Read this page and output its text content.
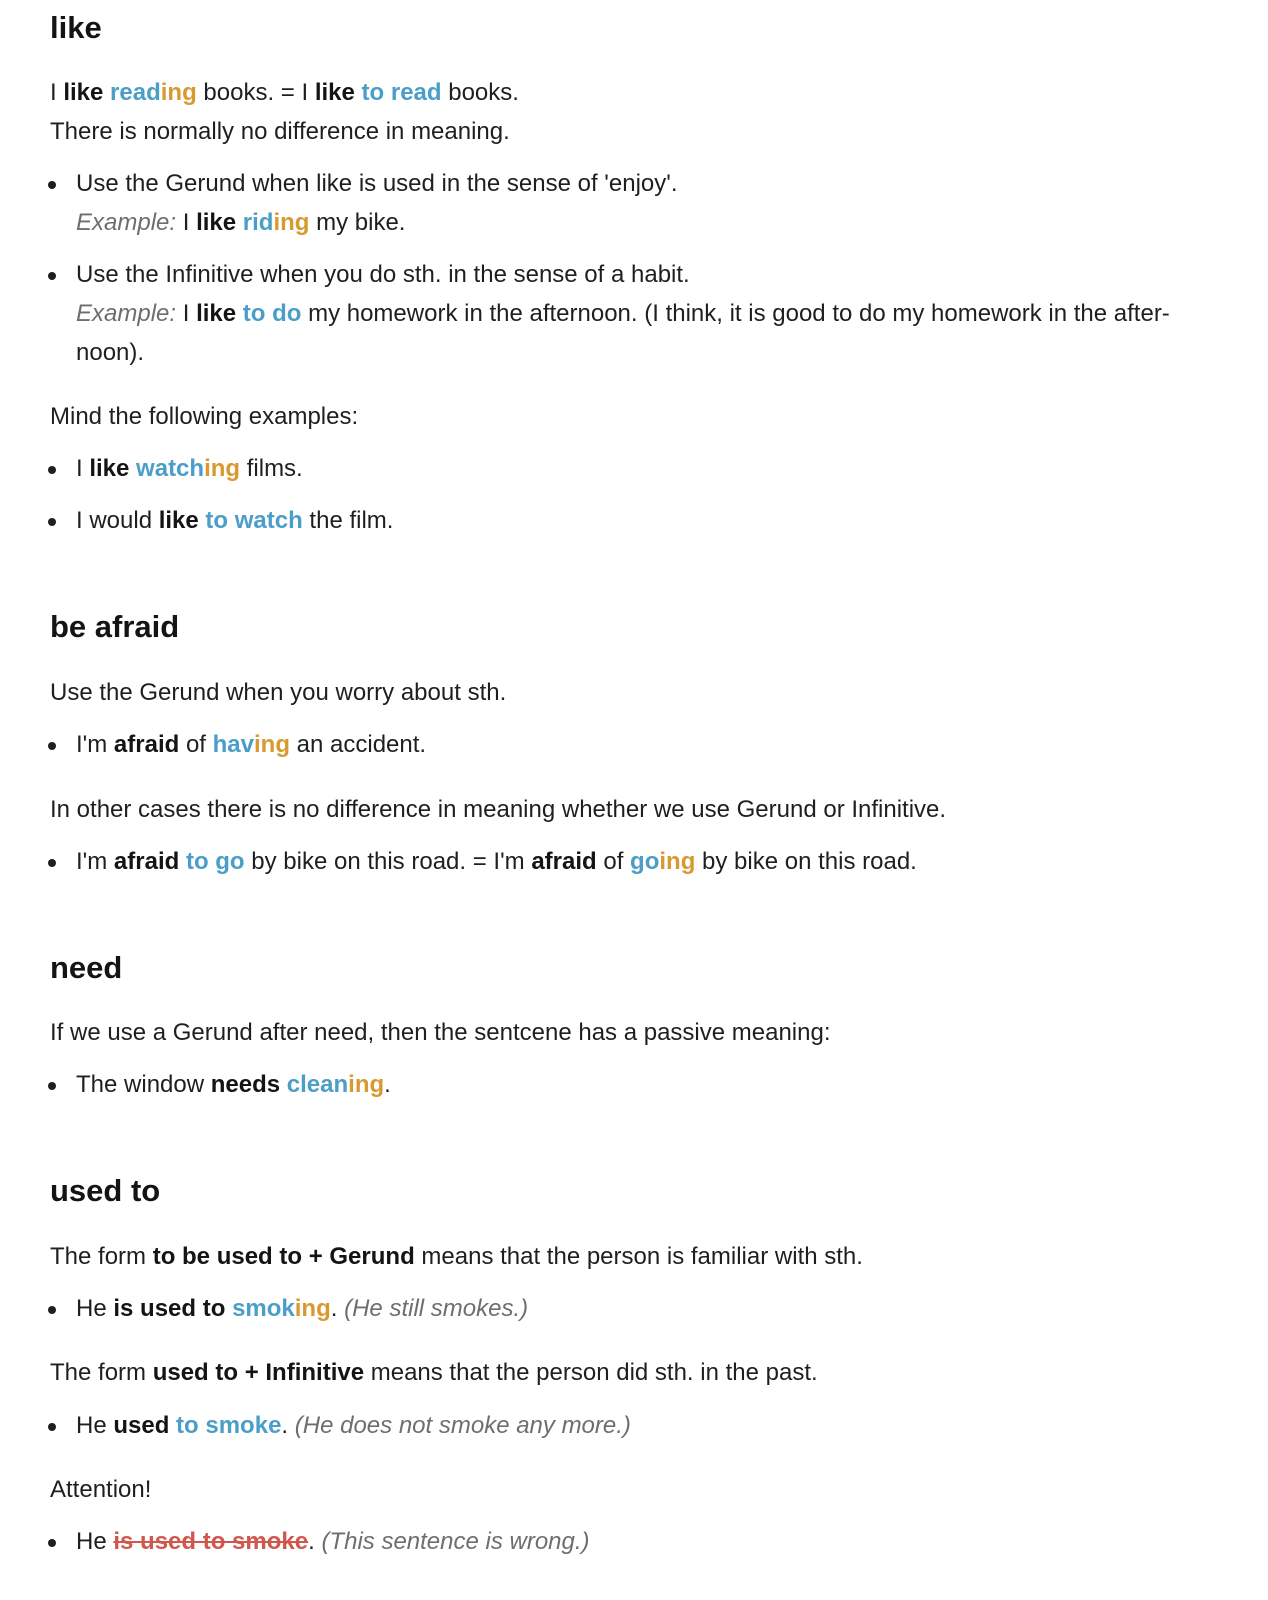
like

I like reading books. = I like to read books.

There is normally no difference in meaning.

Use the Gerund when like is used in the sense of 'enjoy'.
Example: I like riding my bike.
Use the Infinitive when you do sth. in the sense of a habit.
Example: I like to do my homework in the afternoon. (I think, it is good to do my homework in the after-
noon).

Mind the following examples:

I like watching films.
I would like to watch the film.
be afraid

Use the Gerund when you worry about sth.

I'm afraid of having an accident.

In other cases there is no difference in meaning whether we use Gerund or Infinitive.

I'm afraid to go by bike on this road. = I'm afraid of going by bike on this road.
need

If we use a Gerund after need, then the sentcene has a passive meaning:

The window needs cleaning.
used to

The form to be used to + Gerund means that the person is familiar with sth.

He is used to smoking. (He still smokes.)

The form used to + Infinitive means that the person did sth. in the past.

He used to smoke. (He does not smoke any more.)

Attention!

He is used to smoke. (This sentence is wrong.)
